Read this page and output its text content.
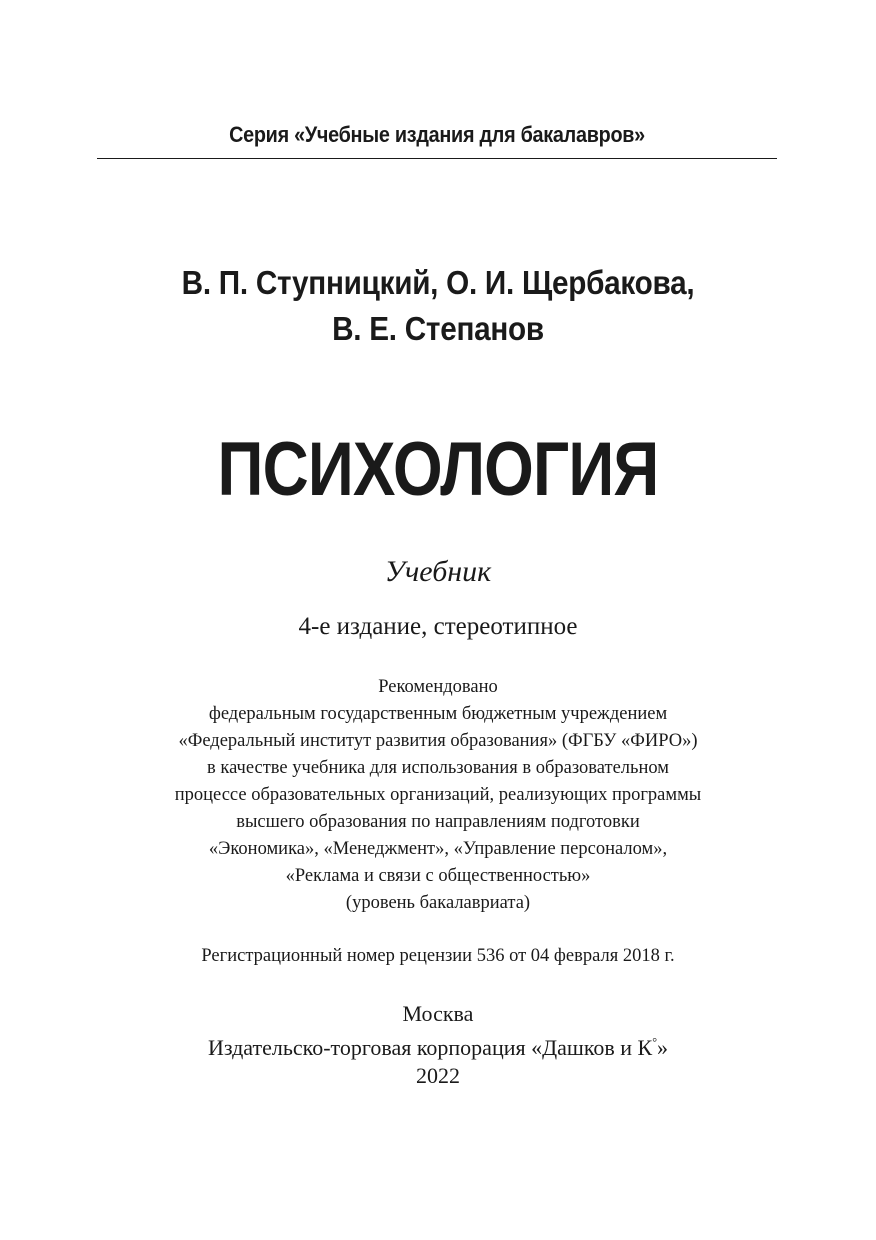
Серия «Учебные издания для бакалавров»
В. П. Ступницкий, О. И. Щербакова,
В. Е. Степанов
ПСИХОЛОГИЯ
Учебник
4-е издание, стереотипное
Рекомендовано
федеральным государственным бюджетным учреждением
«Федеральный институт развития образования» (ФГБУ «ФИРО»)
в качестве учебника для использования в образовательном
процессе образовательных организаций, реализующих программы
высшего образования по направлениям подготовки
«Экономика», «Менеджмент», «Управление персоналом»,
«Реклама и связи с общественностью»
(уровень бакалавриата)
Регистрационный номер рецензии 536 от 04 февраля 2018 г.
Москва
Издательско-торговая корпорация «Дашков и К°»
2022
